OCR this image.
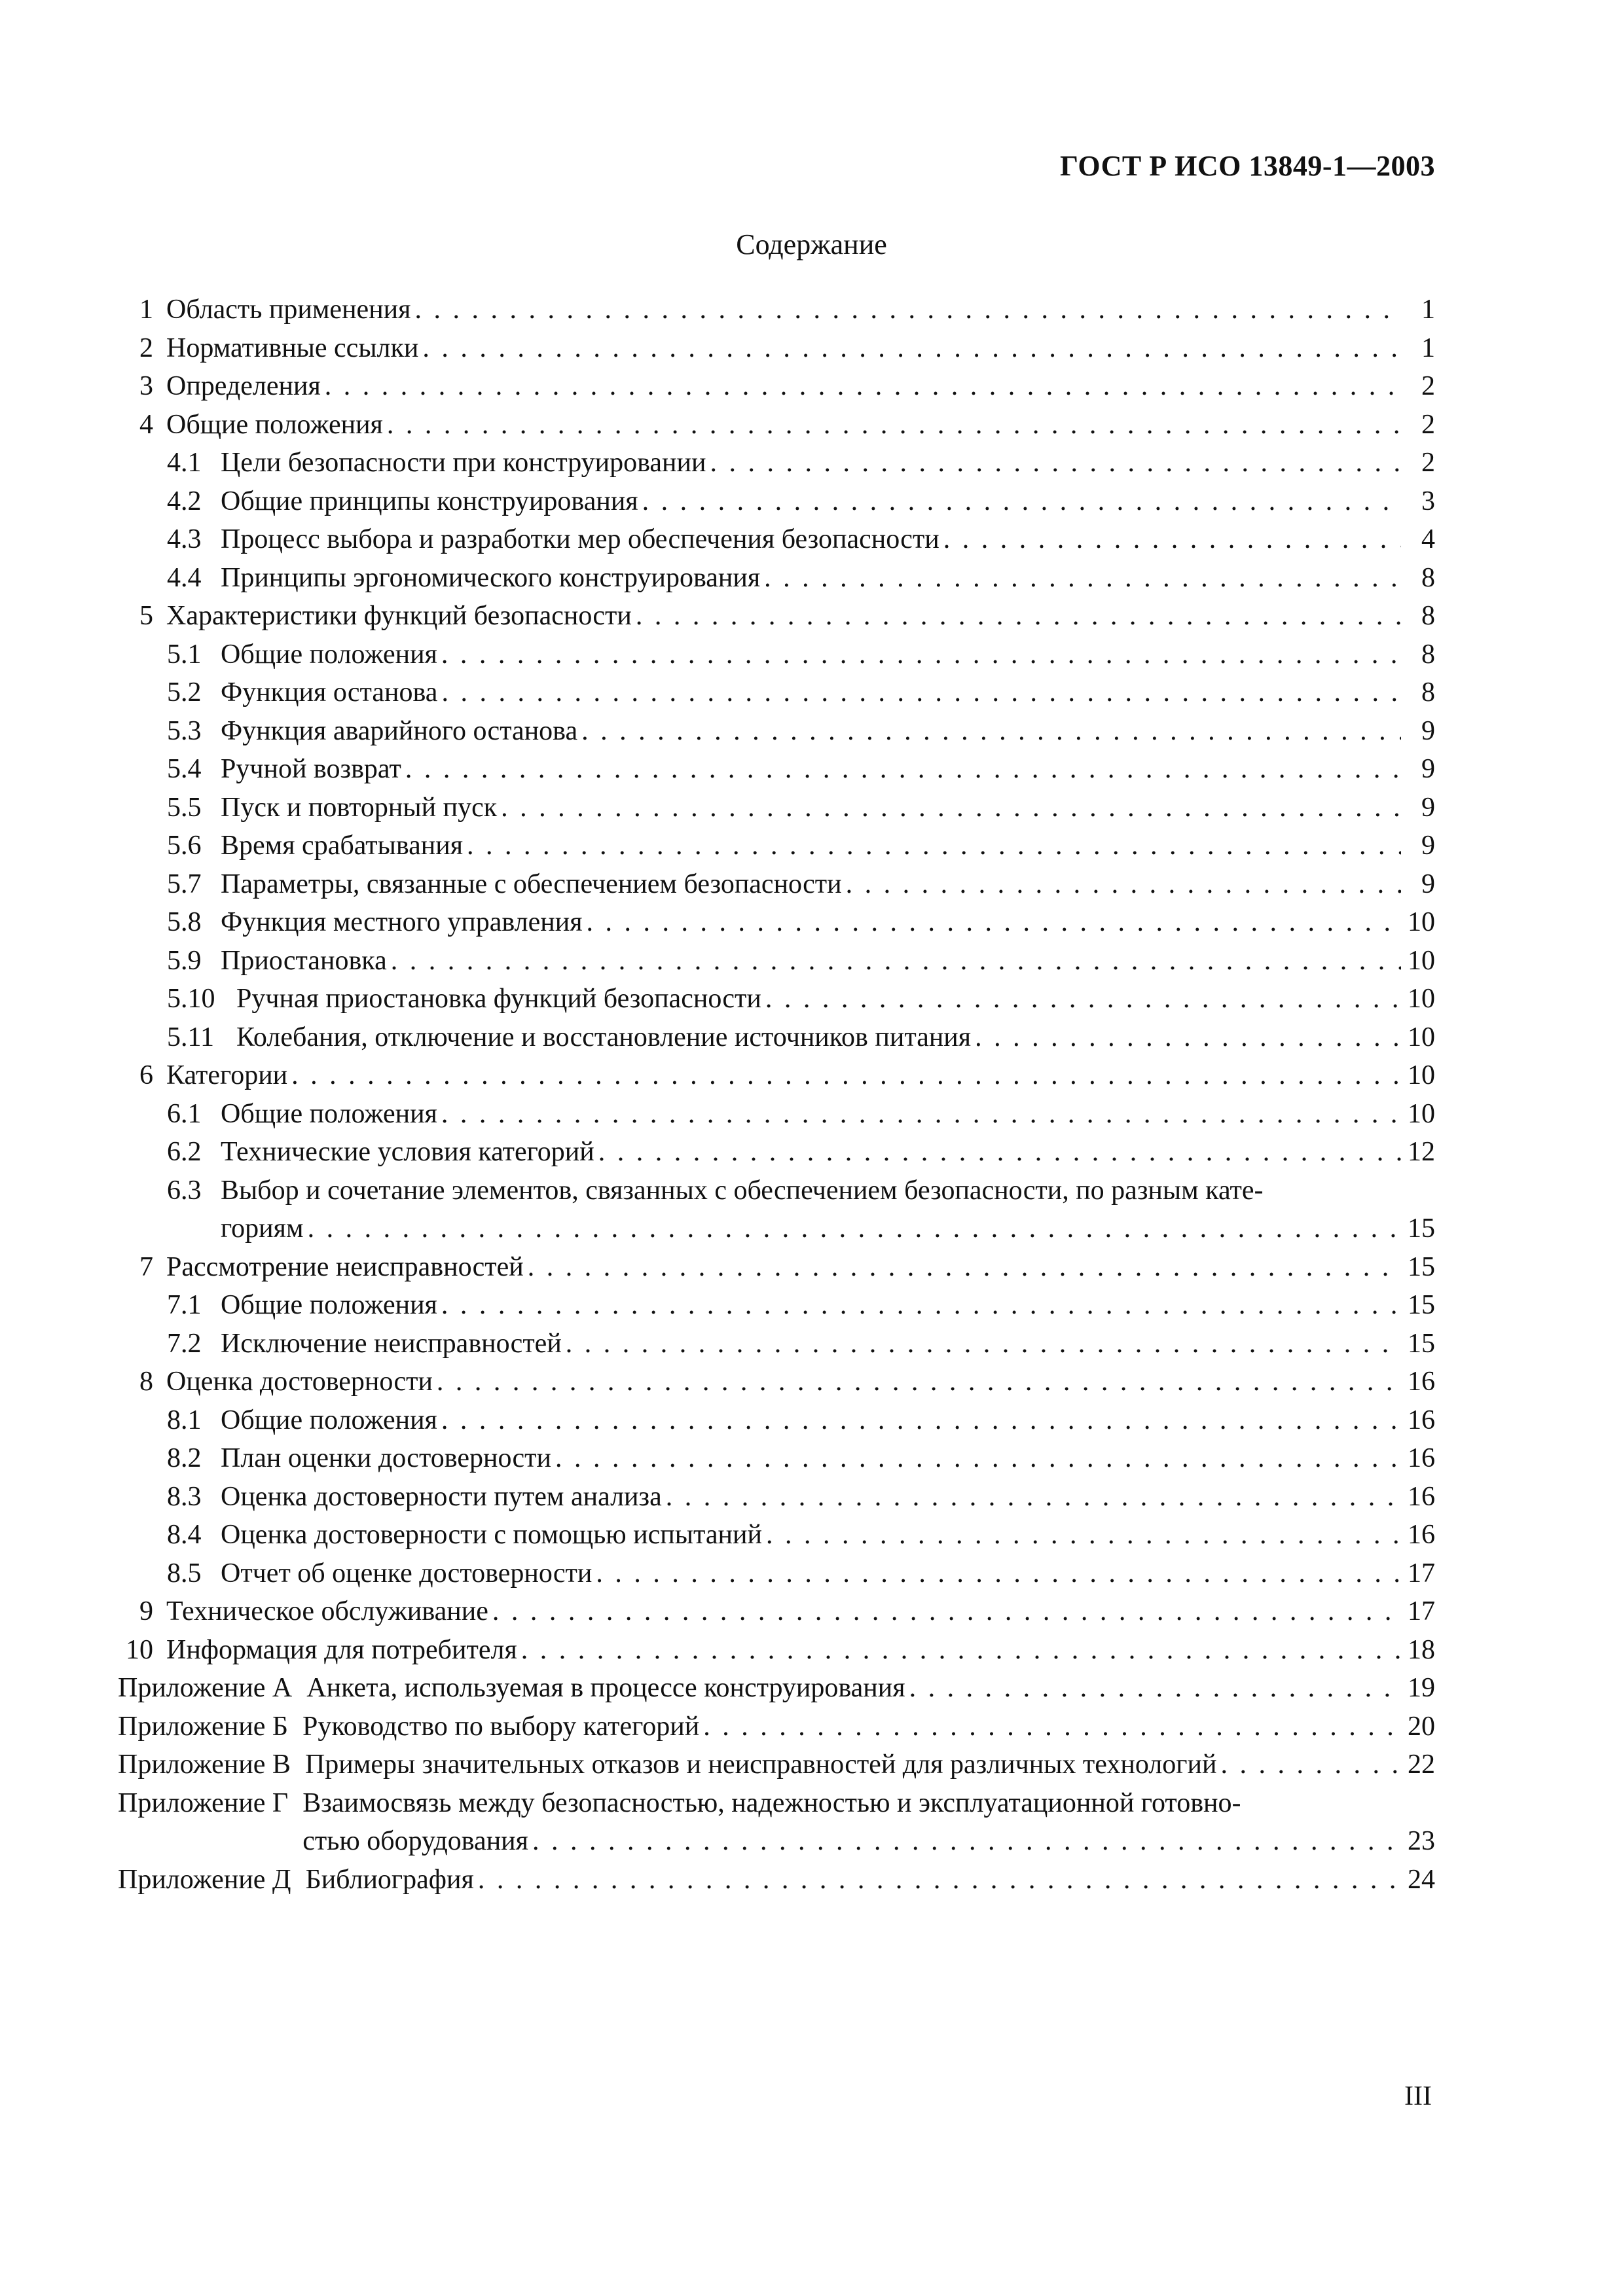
ГОСТ Р ИСО 13849-1—2003
Содержание
1 Область применения . . .	1
2 Нормативные ссылки . . .	1
3 Определения . . .	2
4 Общие положения . . .	2
4.1 Цели безопасности при конструировании . . .	2
4.2 Общие принципы конструирования . . .	3
4.3 Процесс выбора и разработки мер обеспечения безопасности . . .	4
4.4 Принципы эргономического конструирования . . .	8
5 Характеристики функций безопасности . . .	8
5.1 Общие положения . . .	8
5.2 Функция останова . . .	8
5.3 Функция аварийного останова . . .	9
5.4 Ручной возврат . . .	9
5.5 Пуск и повторный пуск . . .	9
5.6 Время срабатывания . . .	9
5.7 Параметры, связанные с обеспечением безопасности . . .	9
5.8 Функция местного управления . . .	10
5.9 Приостановка . . .	10
5.10 Ручная приостановка функций безопасности . . .	10
5.11 Колебания, отключение и восстановление источников питания . . .	10
6 Категории . . .	10
6.1 Общие положения . . .	10
6.2 Технические условия категорий . . .	12
6.3 Выбор и сочетание элементов, связанных с обеспечением безопасности, по разным кате-
гориям . . .	15
7 Рассмотрение неисправностей . . .	15
7.1 Общие положения . . .	15
7.2 Исключение неисправностей . . .	15
8 Оценка достоверности . . .	16
8.1 Общие положения . . .	16
8.2 План оценки достоверности . . .	16
8.3 Оценка достоверности путем анализа . . .	16
8.4 Оценка достоверности с помощью испытаний . . .	16
8.5 Отчет об оценке достоверности . . .	17
9 Техническое обслуживание . . .	17
10 Информация для потребителя . . .	18
Приложение А Анкета, используемая в процессе конструирования . . .	19
Приложение Б Руководство по выбору категорий . . .	20
Приложение В Примеры значительных отказов и неисправностей для различных технологий . . .	22
Приложение Г Взаимосвязь между безопасностью, надежностью и эксплуатационной готовно-
стью оборудования . . .	23
Приложение Д Библиография . . .	24
III
